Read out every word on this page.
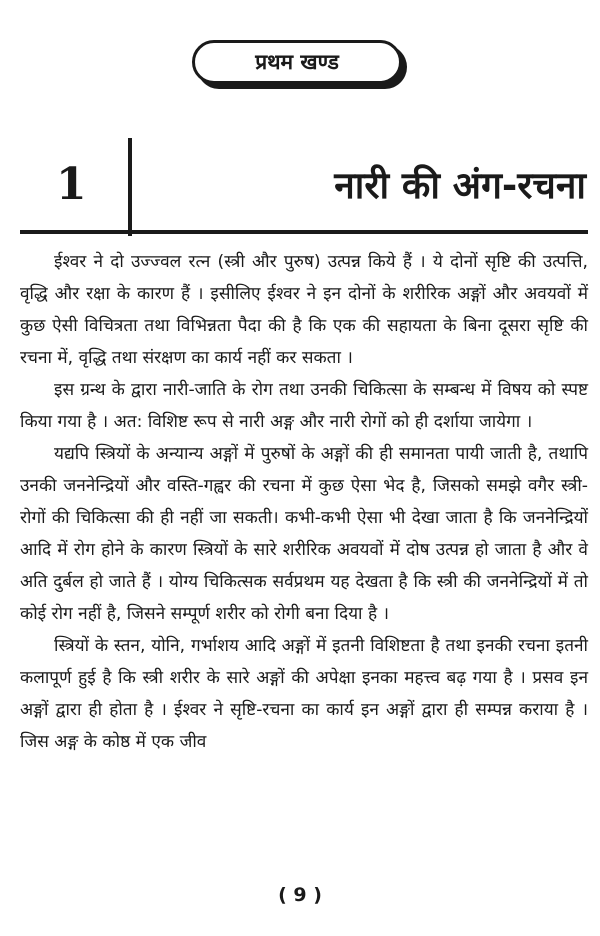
प्रथम खण्ड
1	नारी की अंग-रचना

ईश्वर ने दो उज्ज्वल रत्न (स्त्री और पुरुष) उत्पन्न किये हैं । ये दोनों सृष्टि की उत्पत्ति, वृद्धि और रक्षा के कारण हैं । इसीलिए ईश्वर ने इन दोनों के शरीरिक अङ्गों और अवयवों में कुछ ऐसी विचित्रता तथा विभिन्नता पैदा की है कि एक की सहायता के बिना दूसरा सृष्टि की रचना में, वृद्धि तथा संरक्षण का कार्य नहीं कर सकता ।

इस ग्रन्थ के द्वारा नारी-जाति के रोग तथा उनकी चिकित्सा के सम्बन्ध में विषय को स्पष्ट किया गया है । अत: विशिष्ट रूप से नारी अङ्ग और नारी रोगों को ही दर्शाया जायेगा ।

यद्यपि स्त्रियों के अन्यान्य अङ्गों में पुरुषों के अङ्गों की ही समानता पायी जाती है, तथापि उनकी जननेन्द्रियों और वस्ति-गह्वर की रचना में कुछ ऐसा भेद है, जिसको समझे वगैर स्त्री-रोगों की चिकित्सा की ही नहीं जा सकती। कभी-कभी ऐसा भी देखा जाता है कि जननेन्द्रियों आदि में रोग होने के कारण स्त्रियों के सारे शरीरिक अवयवों में दोष उत्पन्न हो जाता है और वे अति दुर्बल हो जाते हैं । योग्य चिकित्सक सर्वप्रथम यह देखता है कि स्त्री की जननेन्द्रियों में तो कोई रोग नहीं है, जिसने सम्पूर्ण शरीर को रोगी बना दिया है ।

स्त्रियों के स्तन, योनि, गर्भाशय आदि अङ्गों में इतनी विशिष्टता है तथा इनकी रचना इतनी कलापूर्ण हुई है कि स्त्री शरीर के सारे अङ्गों की अपेक्षा इनका महत्त्व बढ़ गया है । प्रसव इन अङ्गों द्वारा ही होता है । ईश्वर ने सृष्टि-रचना का कार्य इन अङ्गों द्वारा ही सम्पन्न कराया है । जिस अङ्ग के कोष्ठ में एक जीव

( 9 )
